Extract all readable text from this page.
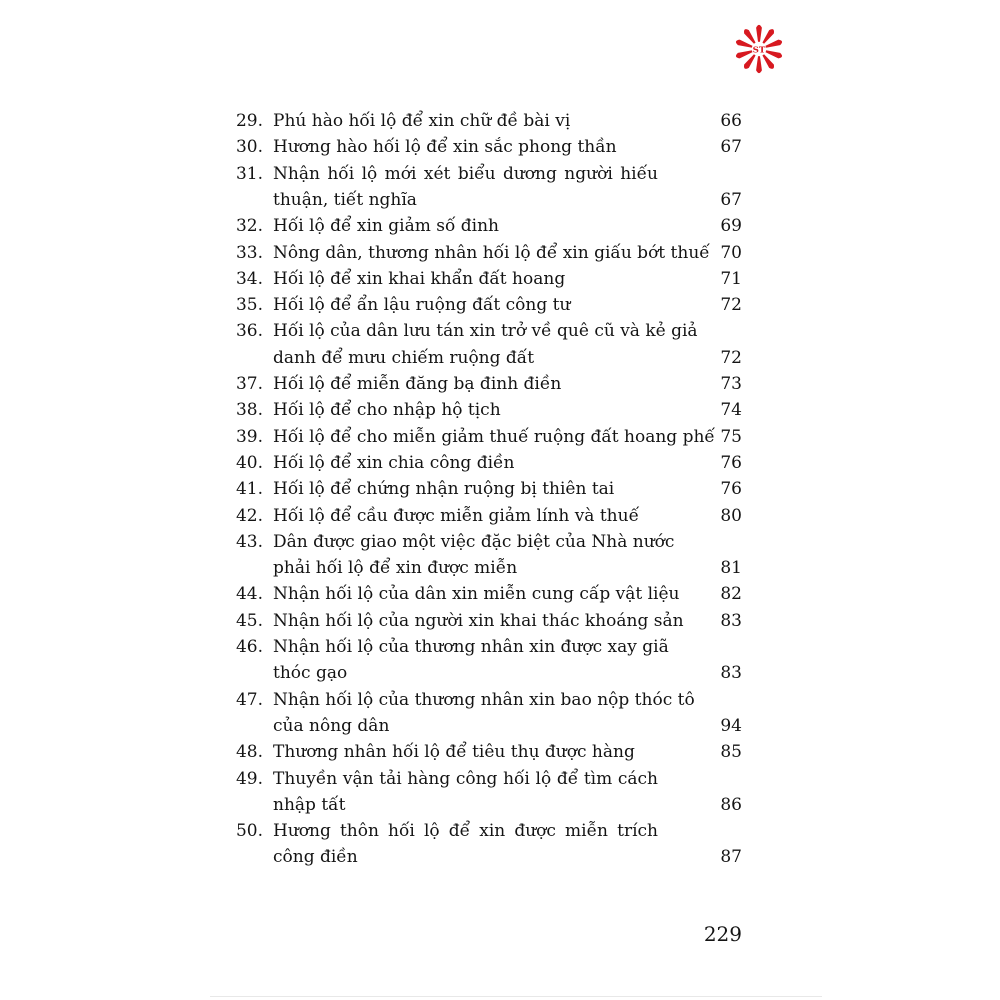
ST
29. Phú hào hối lộ để xin chữ đề bài vị	66
30. Hương hào hối lộ để xin sắc phong thần	67
31. Nhận hối lộ mới xét biểu dương người hiếu
thuận, tiết nghĩa	67
32. Hối lộ để xin giảm số đinh	69
33. Nông dân, thương nhân hối lộ để xin giấu bớt thuế 70
34. Hối lộ để xin khai khẩn đất hoang	71
35. Hối lộ để ẩn lậu ruộng đất công tư	72
36. Hối lộ của dân lưu tán xin trở về quê cũ và kẻ giả
danh để mưu chiếm ruộng đất	72
37. Hối lộ để miễn đăng bạ đinh điền	73
38. Hối lộ để cho nhập hộ tịch	74
39. Hối lộ để cho miễn giảm thuế ruộng đất hoang phế 75
40. Hối lộ để xin chia công điền	76
41. Hối lộ để chứng nhận ruộng bị thiên tai	76
42. Hối lộ để cầu được miễn giảm lính và thuế	80
43. Dân được giao một việc đặc biệt của Nhà nước
phải hối lộ để xin được miễn	81
44. Nhận hối lộ của dân xin miễn cung cấp vật liệu 82
45. Nhận hối lộ của người xin khai thác khoáng sản 83
46. Nhận hối lộ của thương nhân xin được xay giã
thóc gạo	83
47. Nhận hối lộ của thương nhân xin bao nộp thóc tô
của nông dân	94
48. Thương nhân hối lộ để tiêu thụ được hàng	85
49. Thuyền vận tải hàng công hối lộ để tìm cách
nhập tất	86
50. Hương thôn hối lộ để xin được miễn trích
công điền	87
229
